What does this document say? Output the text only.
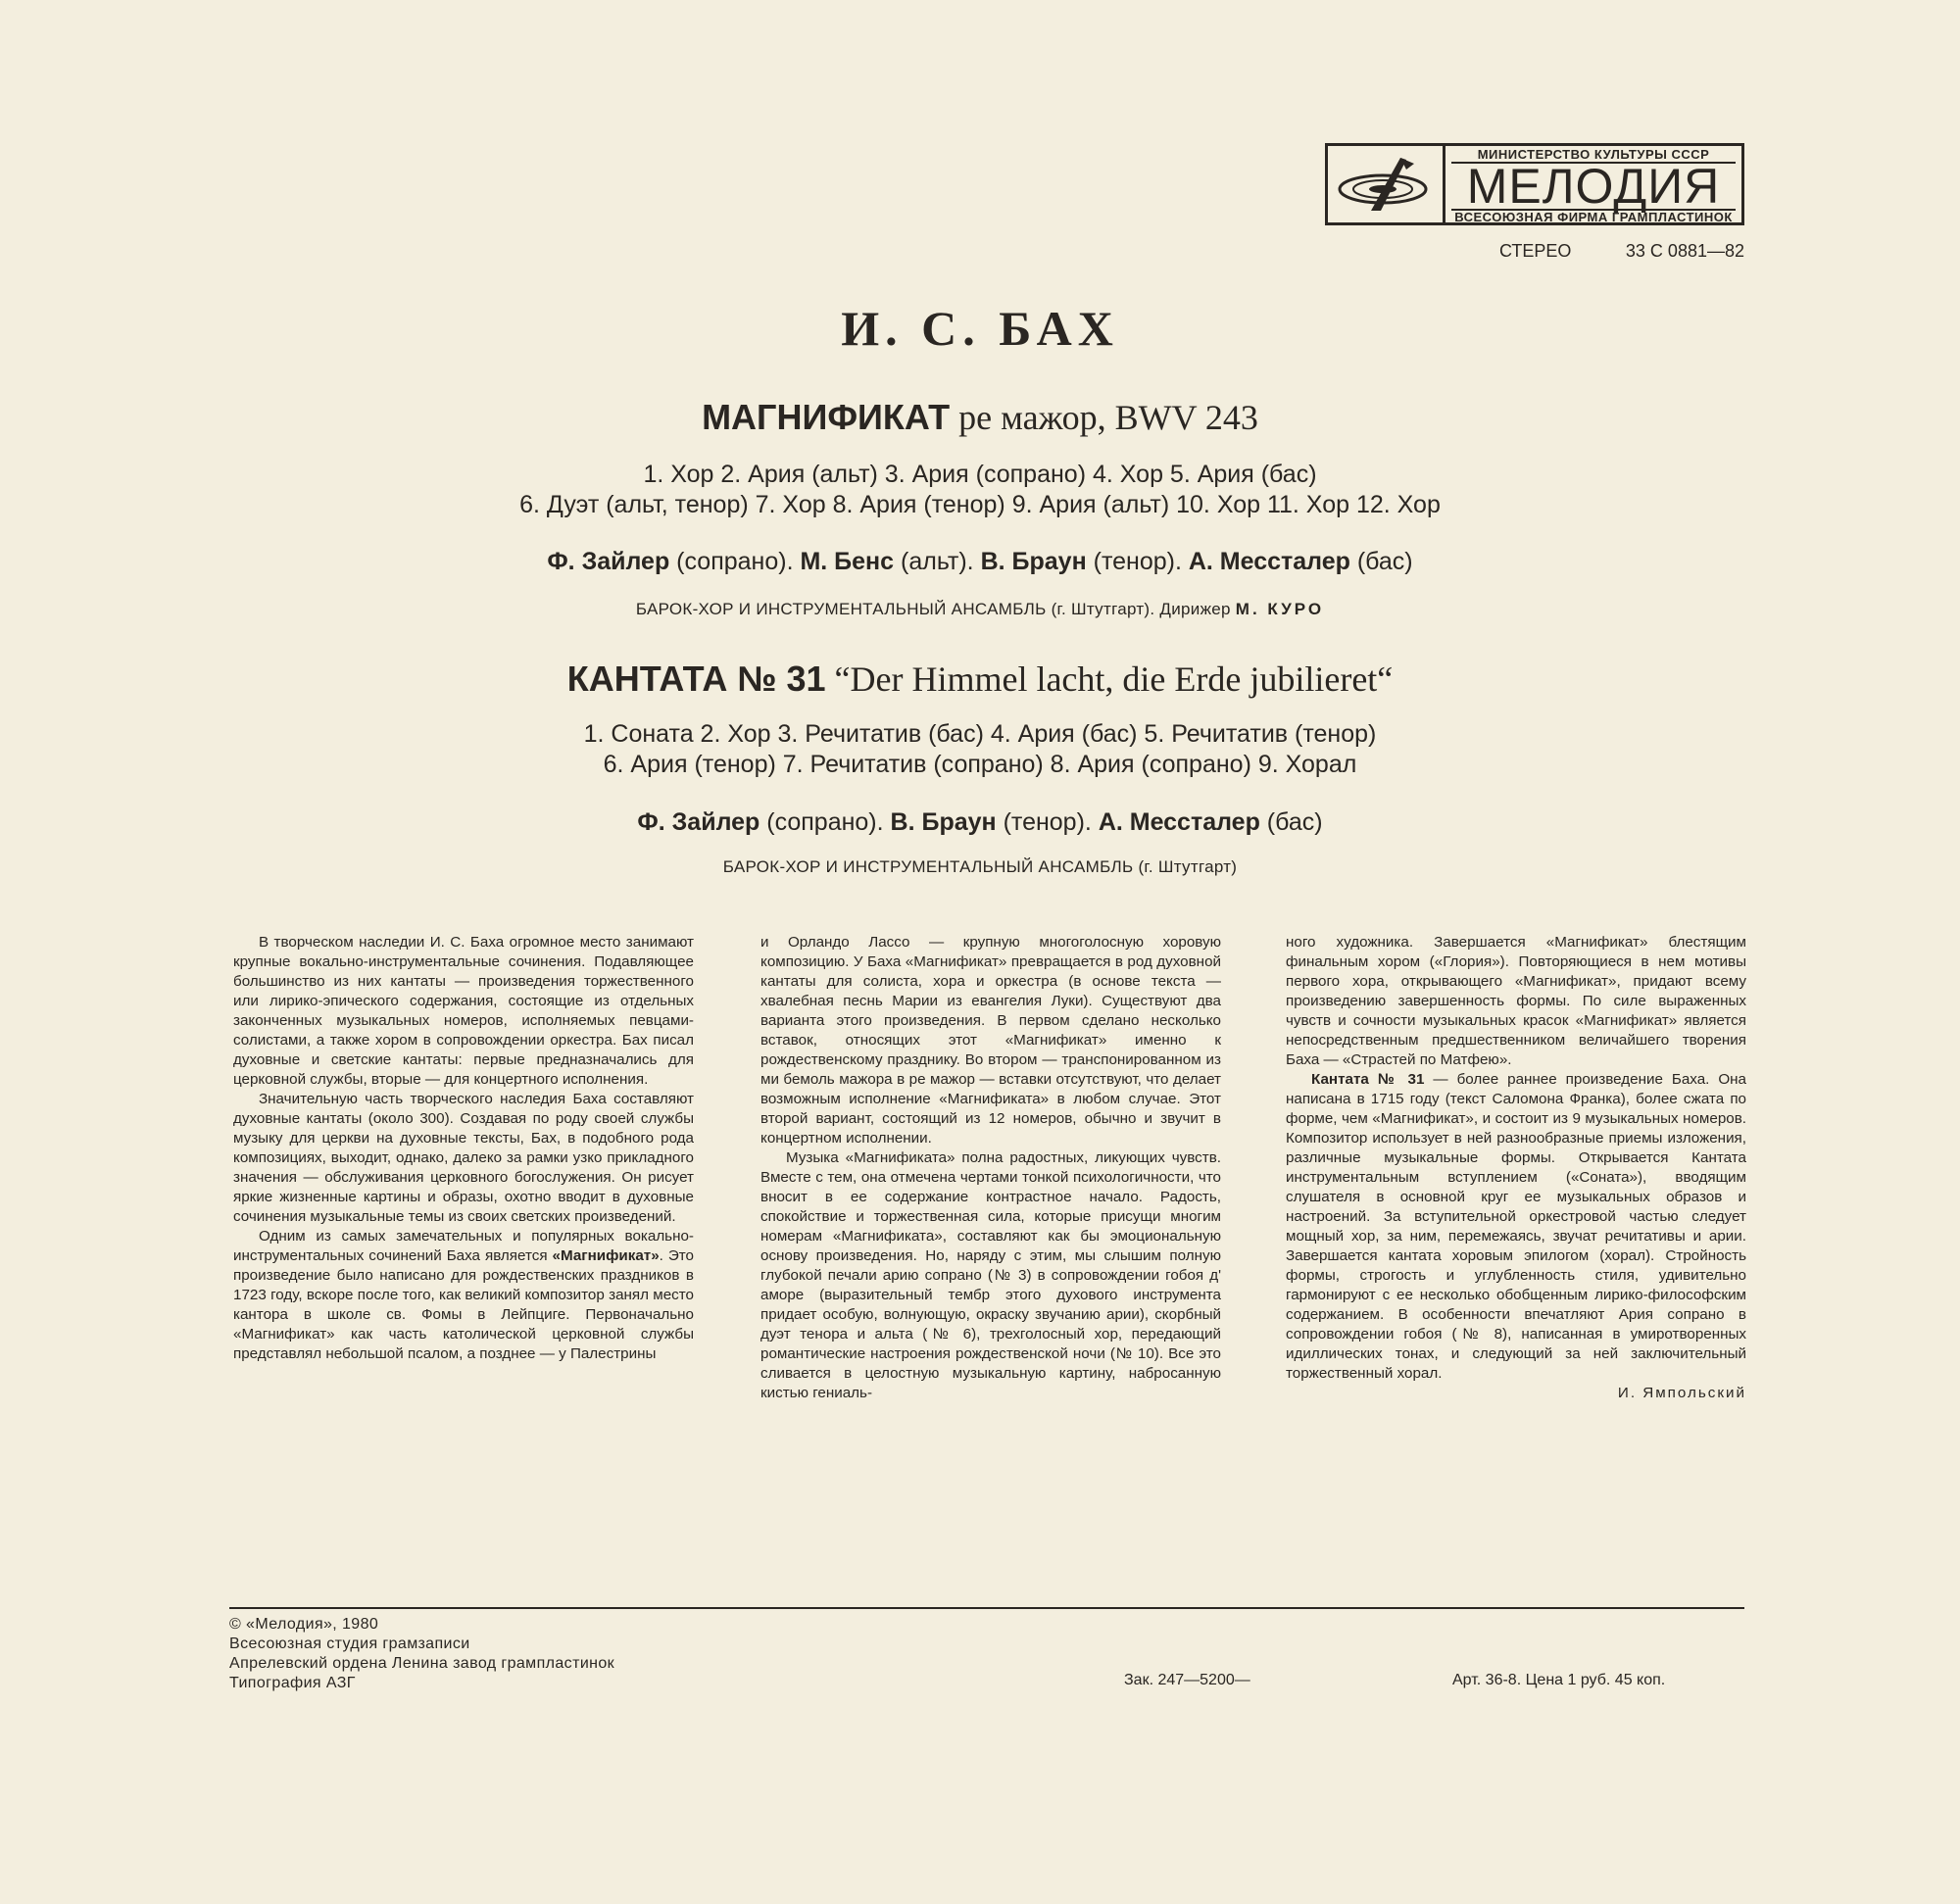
МИНИСТЕРСТВО КУЛЬТУРЫ СССР
МЕЛОДИЯ
ВСЕСОЮЗНАЯ ФИРМА ГРАМПЛАСТИНОК
СТЕРЕО	33 С 0881—82
И. С. БАХ
МАГНИФИКАТ ре мажор, BWV 243
1. Хор 2. Ария (альт) 3. Ария (сопрано) 4. Хор 5. Ария (бас)
6. Дуэт (альт, тенор) 7. Хор 8. Ария (тенор) 9. Ария (альт) 10. Хор 11. Хор 12. Хор
Ф. Зайлер (сопрано). М. Бенс (альт). В. Браун (тенор). А. Месcталер (бас)
БАРОК-ХОР И ИНСТРУМЕНТАЛЬНЫЙ АНСАМБЛЬ (г. Штутгарт). Дирижер М. КУРО
КАНТАТА № 31 “Der Himmel lacht, die Erde jubilieret“
1. Соната 2. Хор 3. Речитатив (бас) 4. Ария (бас) 5. Речитатив (тенор)
6. Ария (тенор) 7. Речитатив (сопрано) 8. Ария (сопрано) 9. Хорал
Ф. Зайлер (сопрано). В. Браун (тенор). А. Месcталер (бас)
БАРОК-ХОР И ИНСТРУМЕНТАЛЬНЫЙ АНСАМБЛЬ (г. Штутгарт)

В творческом наследии И. С. Баха огромное место занимают крупные вокально-инструментальные сочинения. Подавляющее большинство из них кантаты — произведения торжественного или лирико-эпического содержания, состоящие из отдельных законченных музыкальных номеров, исполняемых певцами-солистами, а также хором в сопровождении оркестра. Бах писал духовные и светские кантаты: первые предназначались для церковной службы, вторые — для концертного исполнения.

Значительную часть творческого наследия Баха составляют духовные кантаты (около 300). Создавая по роду своей службы музыку для церкви на духовные тексты, Бах, в подобного рода композициях, выходит, однако, далеко за рамки узко прикладного значения — обслуживания церковного богослужения. Он рисует яркие жизненные картины и образы, охотно вводит в духовные сочинения музыкальные темы из своих светских произведений.

Одним из самых замечательных и популярных вокально-инструментальных сочинений Баха является «Магнификат». Это произведение было написано для рождественских праздников в 1723 году, вскоре после того, как великий композитор занял место кантора в школе св. Фомы в Лейпциге. Первоначально «Магнификат» как часть католической церковной службы представлял небольшой псалом, а позднее — у Палестрины

и Орландо Лассо — крупную многоголосную хоровую композицию. У Баха «Магнификат» превращается в род духовной кантаты для солиста, хора и оркестра (в основе текста — хвалебная песнь Марии из евангелия Луки). Существуют два варианта этого произведения. В первом сделано несколько вставок, относящих этот «Магнификат» именно к рождественскому празднику. Во втором — транспонированном из ми бемоль мажора в ре мажор — вставки отсутствуют, что делает возможным исполнение «Магнификата» в любом случае. Этот второй вариант, состоящий из 12 номеров, обычно и звучит в концертном исполнении.

Музыка «Магнификата» полна радостных, ликующих чувств. Вместе с тем, она отмечена чертами тонкой психологичности, что вносит в ее содержание контрастное начало. Радость, спокойствие и торжественная сила, которые присущи многим номерам «Магнификата», составляют как бы эмоциональную основу произведения. Но, наряду с этим, мы слышим полную глубокой печали арию сопрано (№ 3) в сопровождении гобоя д' аморе (выразительный тембр этого духового инструмента придает особую, волнующую, окраску звучанию арии), скорбный дуэт тенора и альта (№ 6), трехголосный хор, передающий романтические настроения рождественской ночи (№ 10). Все это сливается в целостную музыкальную картину, набросанную кистью гениаль-

ного художника. Завершается «Магнификат» блестящим финальным хором («Глория»). Повторяющиеся в нем мотивы первого хора, открывающего «Магнификат», придают всему произведению завершенность формы. По силе выраженных чувств и сочности музыкальных красок «Магнификат» является непосредственным предшественником величайшего творения Баха — «Страстей по Матфею».

Кантата № 31 — более раннее произведение Баха. Она написана в 1715 году (текст Саломона Франка), более сжата по форме, чем «Магнификат», и состоит из 9 музыкальных номеров. Композитор использует в ней разнообразные приемы изложения, различные музыкальные формы. Открывается Кантата инструментальным вступлением («Соната»), вводящим слушателя в основной круг ее музыкальных образов и настроений. За вступительной оркестровой частью следует мощный хор, за ним, перемежаясь, звучат речитативы и арии. Завершается кантата хоровым эпилогом (хорал). Стройность формы, строгость и углубленность стиля, удивительно гармонируют с ее несколько обобщенным лирико-философским содержанием. В особенности впечатляют Ария сопрано в сопровождении гобоя (№ 8), написанная в умиротворенных идиллических тонах, и следующий за ней заключительный торжественный хорал.

И. Ямпольский

© «Мелодия», 1980
Всесоюзная студия грамзаписи
Апрелевский ордена Ленина завод грампластинок
Типография АЗГ	Зак. 247—5200—	Арт. 36-8. Цена 1 руб. 45 коп.
